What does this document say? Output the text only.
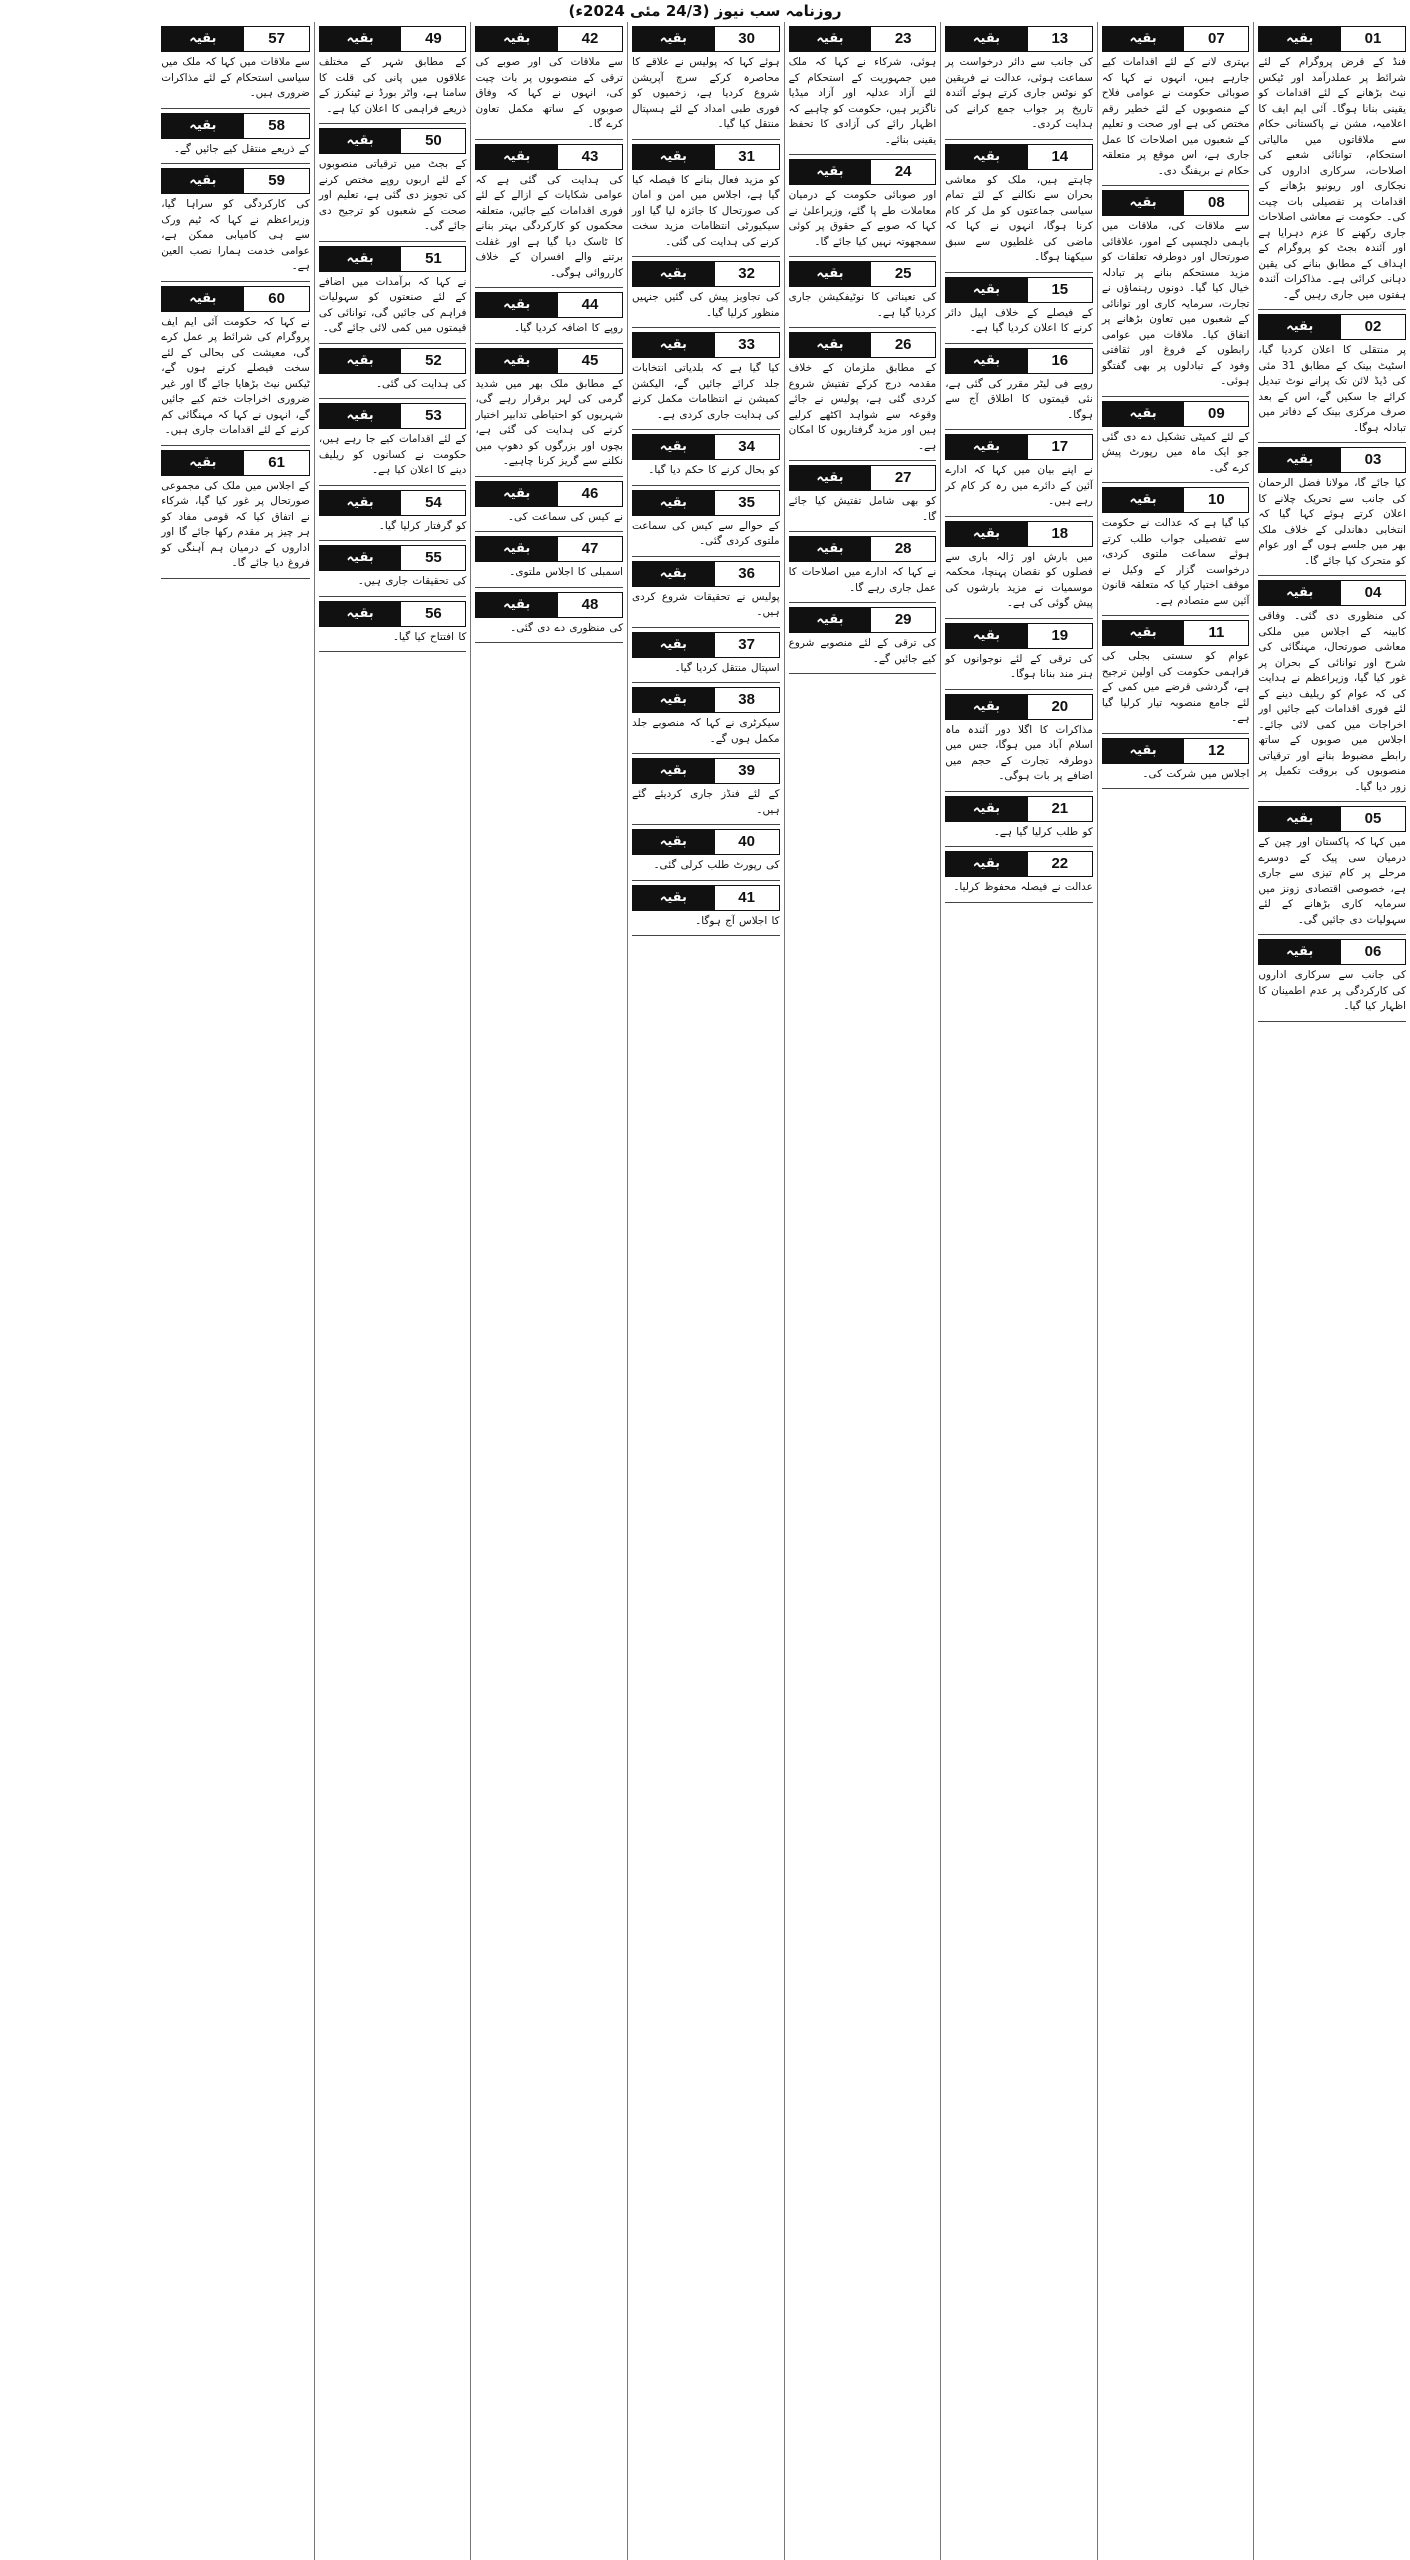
روزنامہ سب نیوز (24/3 مئی 2024ء)
01
بقیہ

فنڈ کے قرض پروگرام کے لئے شرائط پر عملدرآمد اور ٹیکس نیٹ بڑھانے کے لئے اقدامات کو یقینی بنانا ہوگا۔ آئی ایم ایف کا اعلامیہ، مشن نے پاکستانی حکام سے ملاقاتوں میں مالیاتی استحکام، توانائی شعبے کی اصلاحات، سرکاری اداروں کی نجکاری اور ریونیو بڑھانے کے اقدامات پر تفصیلی بات چیت کی۔ حکومت نے معاشی اصلاحات جاری رکھنے کا عزم دہرایا ہے اور آئندہ بجٹ کو پروگرام کے اہداف کے مطابق بنانے کی یقین دہانی کرائی ہے۔ مذاکرات آئندہ ہفتوں میں جاری رہیں گے۔

02
بقیہ

پر منتقلی کا اعلان کردیا گیا، اسٹیٹ بینک کے مطابق 31 مئی کی ڈیڈ لائن تک پرانے نوٹ تبدیل کرائے جا سکیں گے، اس کے بعد صرف مرکزی بینک کے دفاتر میں تبادلہ ہوگا۔

03
بقیہ

کیا جائے گا، مولانا فضل الرحمان کی جانب سے تحریک چلانے کا اعلان کرتے ہوئے کہا گیا کہ انتخابی دھاندلی کے خلاف ملک بھر میں جلسے ہوں گے اور عوام کو متحرک کیا جائے گا۔

04
بقیہ

کی منظوری دی گئی۔ وفاقی کابینہ کے اجلاس میں ملکی معاشی صورتحال، مہنگائی کی شرح اور توانائی کے بحران پر غور کیا گیا، وزیراعظم نے ہدایت کی کہ عوام کو ریلیف دینے کے لئے فوری اقدامات کیے جائیں اور اخراجات میں کمی لائی جائے۔ اجلاس میں صوبوں کے ساتھ رابطے مضبوط بنانے اور ترقیاتی منصوبوں کی بروقت تکمیل پر زور دیا گیا۔

05
بقیہ

میں کہا کہ پاکستان اور چین کے درمیان سی پیک کے دوسرے مرحلے پر کام تیزی سے جاری ہے، خصوصی اقتصادی زونز میں سرمایہ کاری بڑھانے کے لئے سہولیات دی جائیں گی۔

06
بقیہ

کی جانب سے سرکاری اداروں کی کارکردگی پر عدم اطمینان کا اظہار کیا گیا۔

07
بقیہ

بہتری لانے کے لئے اقدامات کیے جارہے ہیں، انہوں نے کہا کہ صوبائی حکومت نے عوامی فلاح کے منصوبوں کے لئے خطیر رقم مختص کی ہے اور صحت و تعلیم کے شعبوں میں اصلاحات کا عمل جاری ہے، اس موقع پر متعلقہ حکام نے بریفنگ دی۔

08
بقیہ

سے ملاقات کی، ملاقات میں باہمی دلچسپی کے امور، علاقائی صورتحال اور دوطرفہ تعلقات کو مزید مستحکم بنانے پر تبادلہ خیال کیا گیا۔ دونوں رہنماؤں نے تجارت، سرمایہ کاری اور توانائی کے شعبوں میں تعاون بڑھانے پر اتفاق کیا۔ ملاقات میں عوامی رابطوں کے فروغ اور ثقافتی وفود کے تبادلوں پر بھی گفتگو ہوئی۔

09
بقیہ

کے لئے کمیٹی تشکیل دے دی گئی جو ایک ماہ میں رپورٹ پیش کرے گی۔

10
بقیہ

کیا گیا ہے کہ عدالت نے حکومت سے تفصیلی جواب طلب کرتے ہوئے سماعت ملتوی کردی، درخواست گزار کے وکیل نے موقف اختیار کیا کہ متعلقہ قانون آئین سے متصادم ہے۔

11
بقیہ

عوام کو سستی بجلی کی فراہمی حکومت کی اولین ترجیح ہے، گردشی قرضے میں کمی کے لئے جامع منصوبہ تیار کرلیا گیا ہے۔

12
بقیہ

اجلاس میں شرکت کی۔

13
بقیہ

کی جانب سے دائر درخواست پر سماعت ہوئی، عدالت نے فریقین کو نوٹس جاری کرتے ہوئے آئندہ تاریخ پر جواب جمع کرانے کی ہدایت کردی۔

14
بقیہ

چاہتے ہیں، ملک کو معاشی بحران سے نکالنے کے لئے تمام سیاسی جماعتوں کو مل کر کام کرنا ہوگا، انہوں نے کہا کہ ماضی کی غلطیوں سے سبق سیکھنا ہوگا۔

15
بقیہ

کے فیصلے کے خلاف اپیل دائر کرنے کا اعلان کردیا گیا ہے۔

16
بقیہ

روپے فی لیٹر مقرر کی گئی ہے، نئی قیمتوں کا اطلاق آج سے ہوگا۔

17
بقیہ

نے اپنے بیان میں کہا کہ ادارے آئین کے دائرے میں رہ کر کام کر رہے ہیں۔

18
بقیہ

میں بارش اور ژالہ باری سے فصلوں کو نقصان پہنچا، محکمہ موسمیات نے مزید بارشوں کی پیش گوئی کی ہے۔

19
بقیہ

کی ترقی کے لئے نوجوانوں کو ہنر مند بنانا ہوگا۔

20
بقیہ

مذاکرات کا اگلا دور آئندہ ماہ اسلام آباد میں ہوگا، جس میں دوطرفہ تجارت کے حجم میں اضافے پر بات ہوگی۔

21
بقیہ

کو طلب کرلیا گیا ہے۔

22
بقیہ

عدالت نے فیصلہ محفوظ کرلیا۔

23
بقیہ

ہوئی، شرکاء نے کہا کہ ملک میں جمہوریت کے استحکام کے لئے آزاد عدلیہ اور آزاد میڈیا ناگزیر ہیں، حکومت کو چاہیے کہ اظہار رائے کی آزادی کا تحفظ یقینی بنائے۔

24
بقیہ

اور صوبائی حکومت کے درمیان معاملات طے پا گئے، وزیراعلیٰ نے کہا کہ صوبے کے حقوق پر کوئی سمجھوتہ نہیں کیا جائے گا۔

25
بقیہ

کی تعیناتی کا نوٹیفکیشن جاری کردیا گیا ہے۔

26
بقیہ

کے مطابق ملزمان کے خلاف مقدمہ درج کرکے تفتیش شروع کردی گئی ہے، پولیس نے جائے وقوعہ سے شواہد اکٹھے کرلیے ہیں اور مزید گرفتاریوں کا امکان ہے۔

27
بقیہ

کو بھی شامل تفتیش کیا جائے گا۔

28
بقیہ

نے کہا کہ ادارے میں اصلاحات کا عمل جاری رہے گا۔

29
بقیہ

کی ترقی کے لئے منصوبے شروع کیے جائیں گے۔

30
بقیہ

ہوئے کہا کہ پولیس نے علاقے کا محاصرہ کرکے سرچ آپریشن شروع کردیا ہے، زخمیوں کو فوری طبی امداد کے لئے ہسپتال منتقل کیا گیا۔

31
بقیہ

کو مزید فعال بنانے کا فیصلہ کیا گیا ہے، اجلاس میں امن و امان کی صورتحال کا جائزہ لیا گیا اور سیکیورٹی انتظامات مزید سخت کرنے کی ہدایت کی گئی۔

32
بقیہ

کی تجاویز پیش کی گئیں جنہیں منظور کرلیا گیا۔

33
بقیہ

کیا گیا ہے کہ بلدیاتی انتخابات جلد کرائے جائیں گے، الیکشن کمیشن نے انتظامات مکمل کرنے کی ہدایت جاری کردی ہے۔

34
بقیہ

کو بحال کرنے کا حکم دیا گیا۔

35
بقیہ

کے حوالے سے کیس کی سماعت ملتوی کردی گئی۔

36
بقیہ

پولیس نے تحقیقات شروع کردی ہیں۔

37
بقیہ

اسپتال منتقل کردیا گیا۔

38
بقیہ

سیکرٹری نے کہا کہ منصوبے جلد مکمل ہوں گے۔

39
بقیہ

کے لئے فنڈز جاری کردیئے گئے ہیں۔

40
بقیہ

کی رپورٹ طلب کرلی گئی۔

41
بقیہ

کا اجلاس آج ہوگا۔

42
بقیہ

سے ملاقات کی اور صوبے کی ترقی کے منصوبوں پر بات چیت کی، انہوں نے کہا کہ وفاق صوبوں کے ساتھ مکمل تعاون کرے گا۔

43
بقیہ

کی ہدایت کی گئی ہے کہ عوامی شکایات کے ازالے کے لئے فوری اقدامات کیے جائیں، متعلقہ محکموں کو کارکردگی بہتر بنانے کا ٹاسک دیا گیا ہے اور غفلت برتنے والے افسران کے خلاف کارروائی ہوگی۔

44
بقیہ

روپے کا اضافہ کردیا گیا۔

45
بقیہ

کے مطابق ملک بھر میں شدید گرمی کی لہر برقرار رہے گی، شہریوں کو احتیاطی تدابیر اختیار کرنے کی ہدایت کی گئی ہے، بچوں اور بزرگوں کو دھوپ میں نکلنے سے گریز کرنا چاہیے۔

46
بقیہ

نے کیس کی سماعت کی۔

47
بقیہ

اسمبلی کا اجلاس ملتوی۔

48
بقیہ

کی منظوری دے دی گئی۔

49
بقیہ

کے مطابق شہر کے مختلف علاقوں میں پانی کی قلت کا سامنا ہے، واٹر بورڈ نے ٹینکرز کے ذریعے فراہمی کا اعلان کیا ہے۔

50
بقیہ

کے بجٹ میں ترقیاتی منصوبوں کے لئے اربوں روپے مختص کرنے کی تجویز دی گئی ہے، تعلیم اور صحت کے شعبوں کو ترجیح دی جائے گی۔

51
بقیہ

نے کہا کہ برآمدات میں اضافے کے لئے صنعتوں کو سہولیات فراہم کی جائیں گی، توانائی کی قیمتوں میں کمی لائی جائے گی۔

52
بقیہ

کی ہدایت کی گئی۔

53
بقیہ

کے لئے اقدامات کیے جا رہے ہیں، حکومت نے کسانوں کو ریلیف دینے کا اعلان کیا ہے۔

54
بقیہ

کو گرفتار کرلیا گیا۔

55
بقیہ

کی تحقیقات جاری ہیں۔

56
بقیہ

کا افتتاح کیا گیا۔

57
بقیہ

سے ملاقات میں کہا کہ ملک میں سیاسی استحکام کے لئے مذاکرات ضروری ہیں۔

58
بقیہ

کے ذریعے منتقل کیے جائیں گے۔

59
بقیہ

کی کارکردگی کو سراہا گیا، وزیراعظم نے کہا کہ ٹیم ورک سے ہی کامیابی ممکن ہے، عوامی خدمت ہمارا نصب العین ہے۔

60
بقیہ

نے کہا کہ حکومت آئی ایم ایف پروگرام کی شرائط پر عمل کرے گی، معیشت کی بحالی کے لئے سخت فیصلے کرنے ہوں گے، ٹیکس نیٹ بڑھایا جائے گا اور غیر ضروری اخراجات ختم کیے جائیں گے، انہوں نے کہا کہ مہنگائی کم کرنے کے لئے اقدامات جاری ہیں۔

61
بقیہ

کے اجلاس میں ملک کی مجموعی صورتحال پر غور کیا گیا، شرکاء نے اتفاق کیا کہ قومی مفاد کو ہر چیز پر مقدم رکھا جائے گا اور اداروں کے درمیان ہم آہنگی کو فروغ دیا جائے گا۔
